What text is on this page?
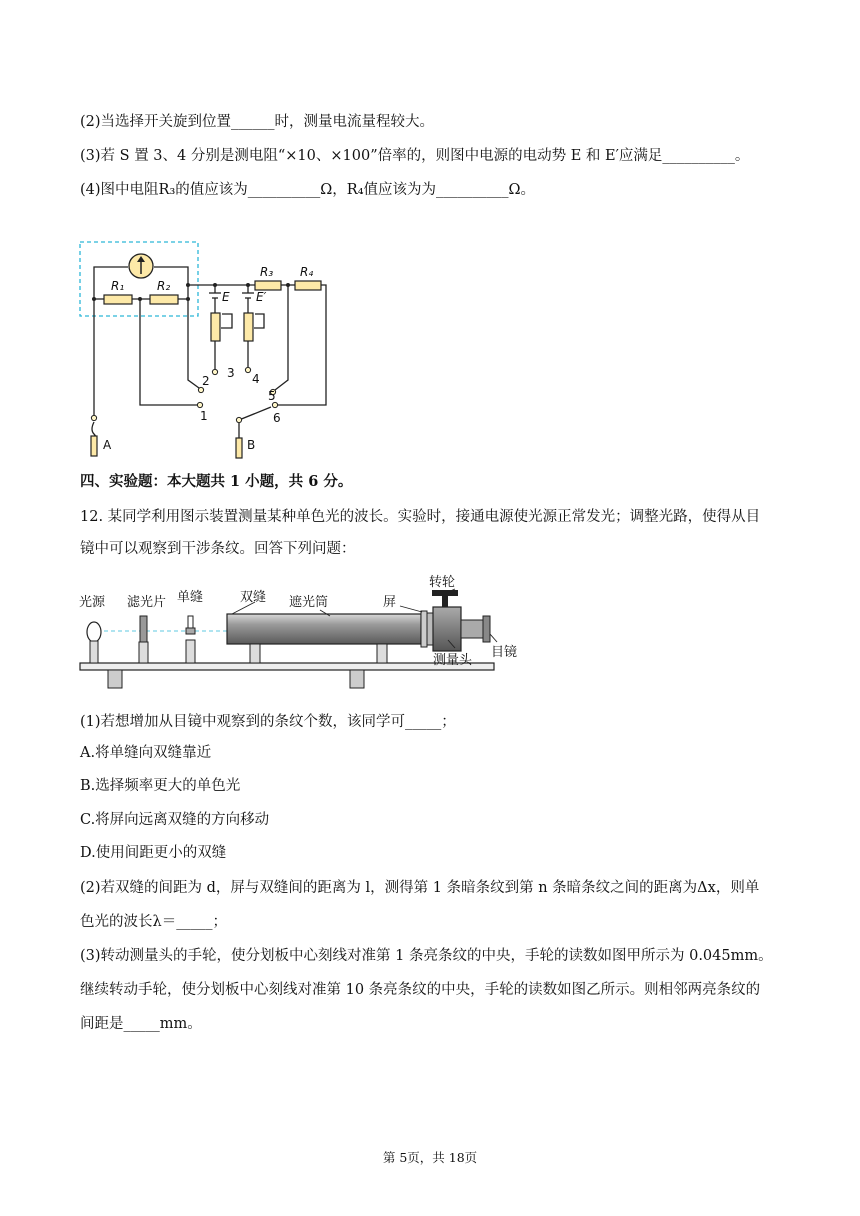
(2)当选择开关旋到位置______时，测量电流量程较大。
(3)若 S 置 3、4 分别是测电阻“×10、×100”倍率的，则图中电源的电动势 E 和 E′应满足__________。
(4)图中电阻R₃的值应该为__________Ω，R₄值应该为为__________Ω。
R₁	R₂
R₃ R₄
E E′
1
2
3 4
5
6
A	B
四、实验题：本大题共 1 小题，共 6 分。
12. 某同学利用图示装置测量某种单色光的波长。实验时，接通电源使光源正常发光；调整光路，使得从目
镜中可以观察到干涉条纹。回答下列问题：
光源 滤光片 单缝	双缝 遮光筒	屏
转轮
测量头
目镜
(1)若想增加从目镜中观察到的条纹个数，该同学可_____；
A.将单缝向双缝靠近
B.选择频率更大的单色光
C.将屏向远离双缝的方向移动
D.使用间距更小的双缝
(2)若双缝的间距为 d，屏与双缝间的距离为 l，测得第 1 条暗条纹到第 n 条暗条纹之间的距离为Δx，则单
色光的波长λ＝_____；
(3)转动测量头的手轮，使分划板中心刻线对准第 1 条亮条纹的中央，手轮的读数如图甲所示为 0.045mm。
继续转动手轮，使分划板中心刻线对准第 10 条亮条纹的中央，手轮的读数如图乙所示。则相邻两亮条纹的
间距是_____mm。
第 5页，共 18页
